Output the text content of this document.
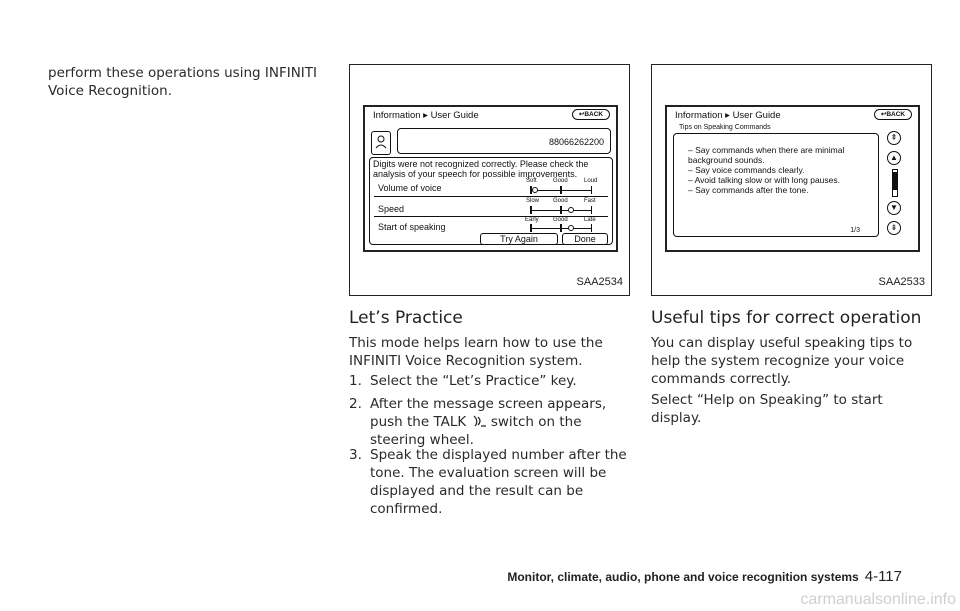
perform these operations using INFINITI Voice Recognition.
Information ▸ User Guide	↩BACK
88066262200
Digits were not recognized correctly. Please check the analysis of your speech for possible improvements.
Volume of voice
Soft	Good	Loud
Speed
Slow Good	Fast
Start of speaking
Early Good	Late
Try Again	Done
SAA2534
Information ▸ User Guide	↩BACK
Tips on Speaking Commands
– Say commands when there are minimal
background sounds.
– Say voice commands clearly.
– Avoid talking slow or with long pauses.
– Say commands after the tone.
1/3
⇞
▲
▼
⇟
SAA2533
Let’s Practice
This mode helps learn how to use the INFINITI Voice Recognition system.
1. Select the “Let’s Practice” key.
2. After the message screen appears, push the TALK switch on the steering wheel.
3. Speak the displayed number after the tone. The evaluation screen will be displayed and the result can be confirmed.
Useful tips for correct operation
You can display useful speaking tips to help the system recognize your voice commands correctly.
Select “Help on Speaking” to start display.
Monitor, climate, audio, phone and voice recognition systems 4-117
carmanualsonline.info
